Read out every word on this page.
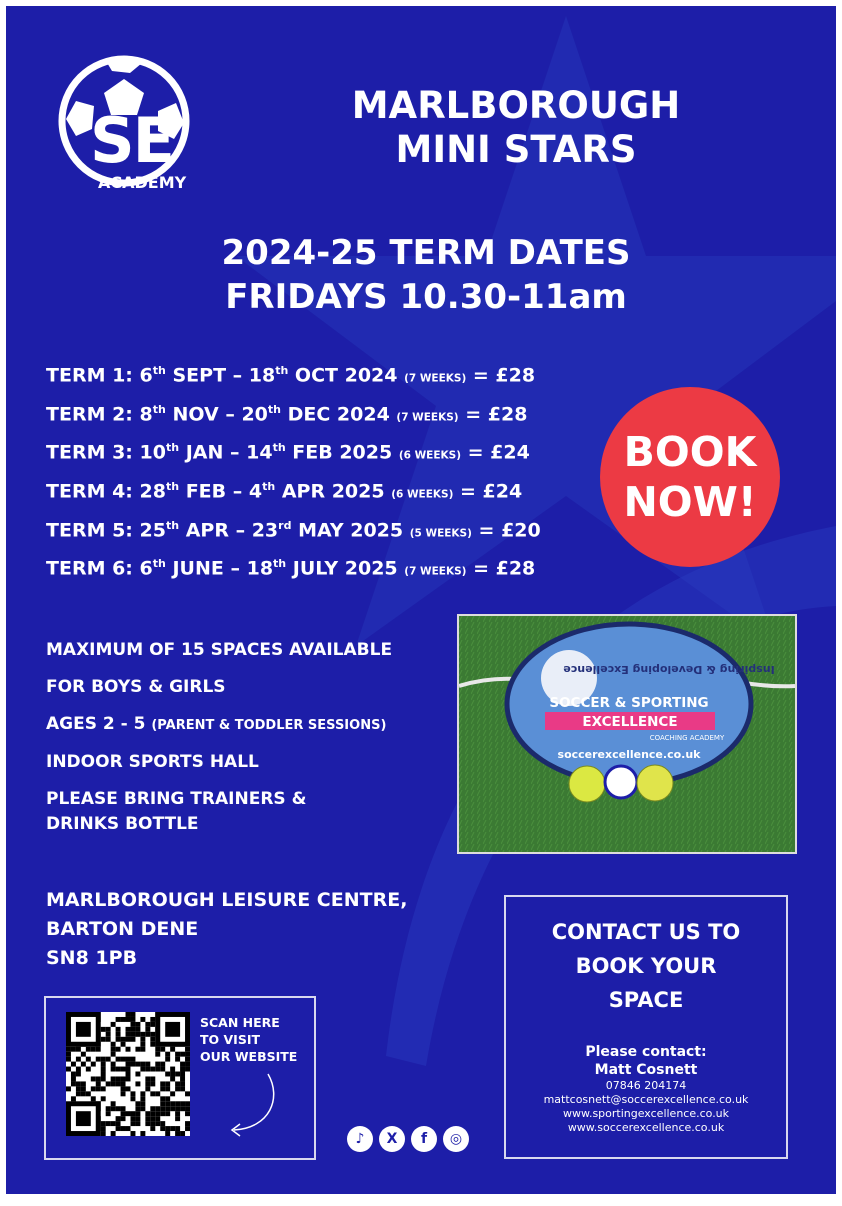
SE
ACADEMY
MARLBOROUGH
MINI STARS
2024-25 TERM DATES
FRIDAYS 10.30-11am
TERM 1: 6th SEPT – 18th OCT 2024 (7 WEEKS) = £28
TERM 2: 8th NOV – 20th DEC 2024 (7 WEEKS) = £28
TERM 3: 10th JAN – 14th FEB 2025 (6 WEEKS) = £24
TERM 4: 28th FEB – 4th APR 2025 (6 WEEKS) = £24
TERM 5: 25th APR – 23rd MAY 2025 (5 WEEKS) = £20
TERM 6: 6th JUNE – 18th JULY 2025 (7 WEEKS) = £28
BOOK
NOW!
MAXIMUM OF 15 SPACES AVAILABLE
FOR BOYS & GIRLS
AGES 2 - 5 (PARENT & TODDLER SESSIONS)
INDOOR SPORTS HALL
PLEASE BRING TRAINERS &
DRINKS BOTTLE
Inspiring & Developing Excellence
SOCCER & SPORTING
EXCELLENCE
COACHING ACADEMY
soccerexcellence.co.uk
MARLBOROUGH LEISURE CENTRE,
BARTON DENE
SN8 1PB
SCAN HERE
TO VISIT
OUR WEBSITE
CONTACT US TO
BOOK YOUR
SPACE
Please contact:
Matt Cosnett
07846 204174
mattcosnett@soccerexcellence.co.uk
www.sportingexcellence.co.uk
www.soccerexcellence.co.uk
♪	X	f	◎
